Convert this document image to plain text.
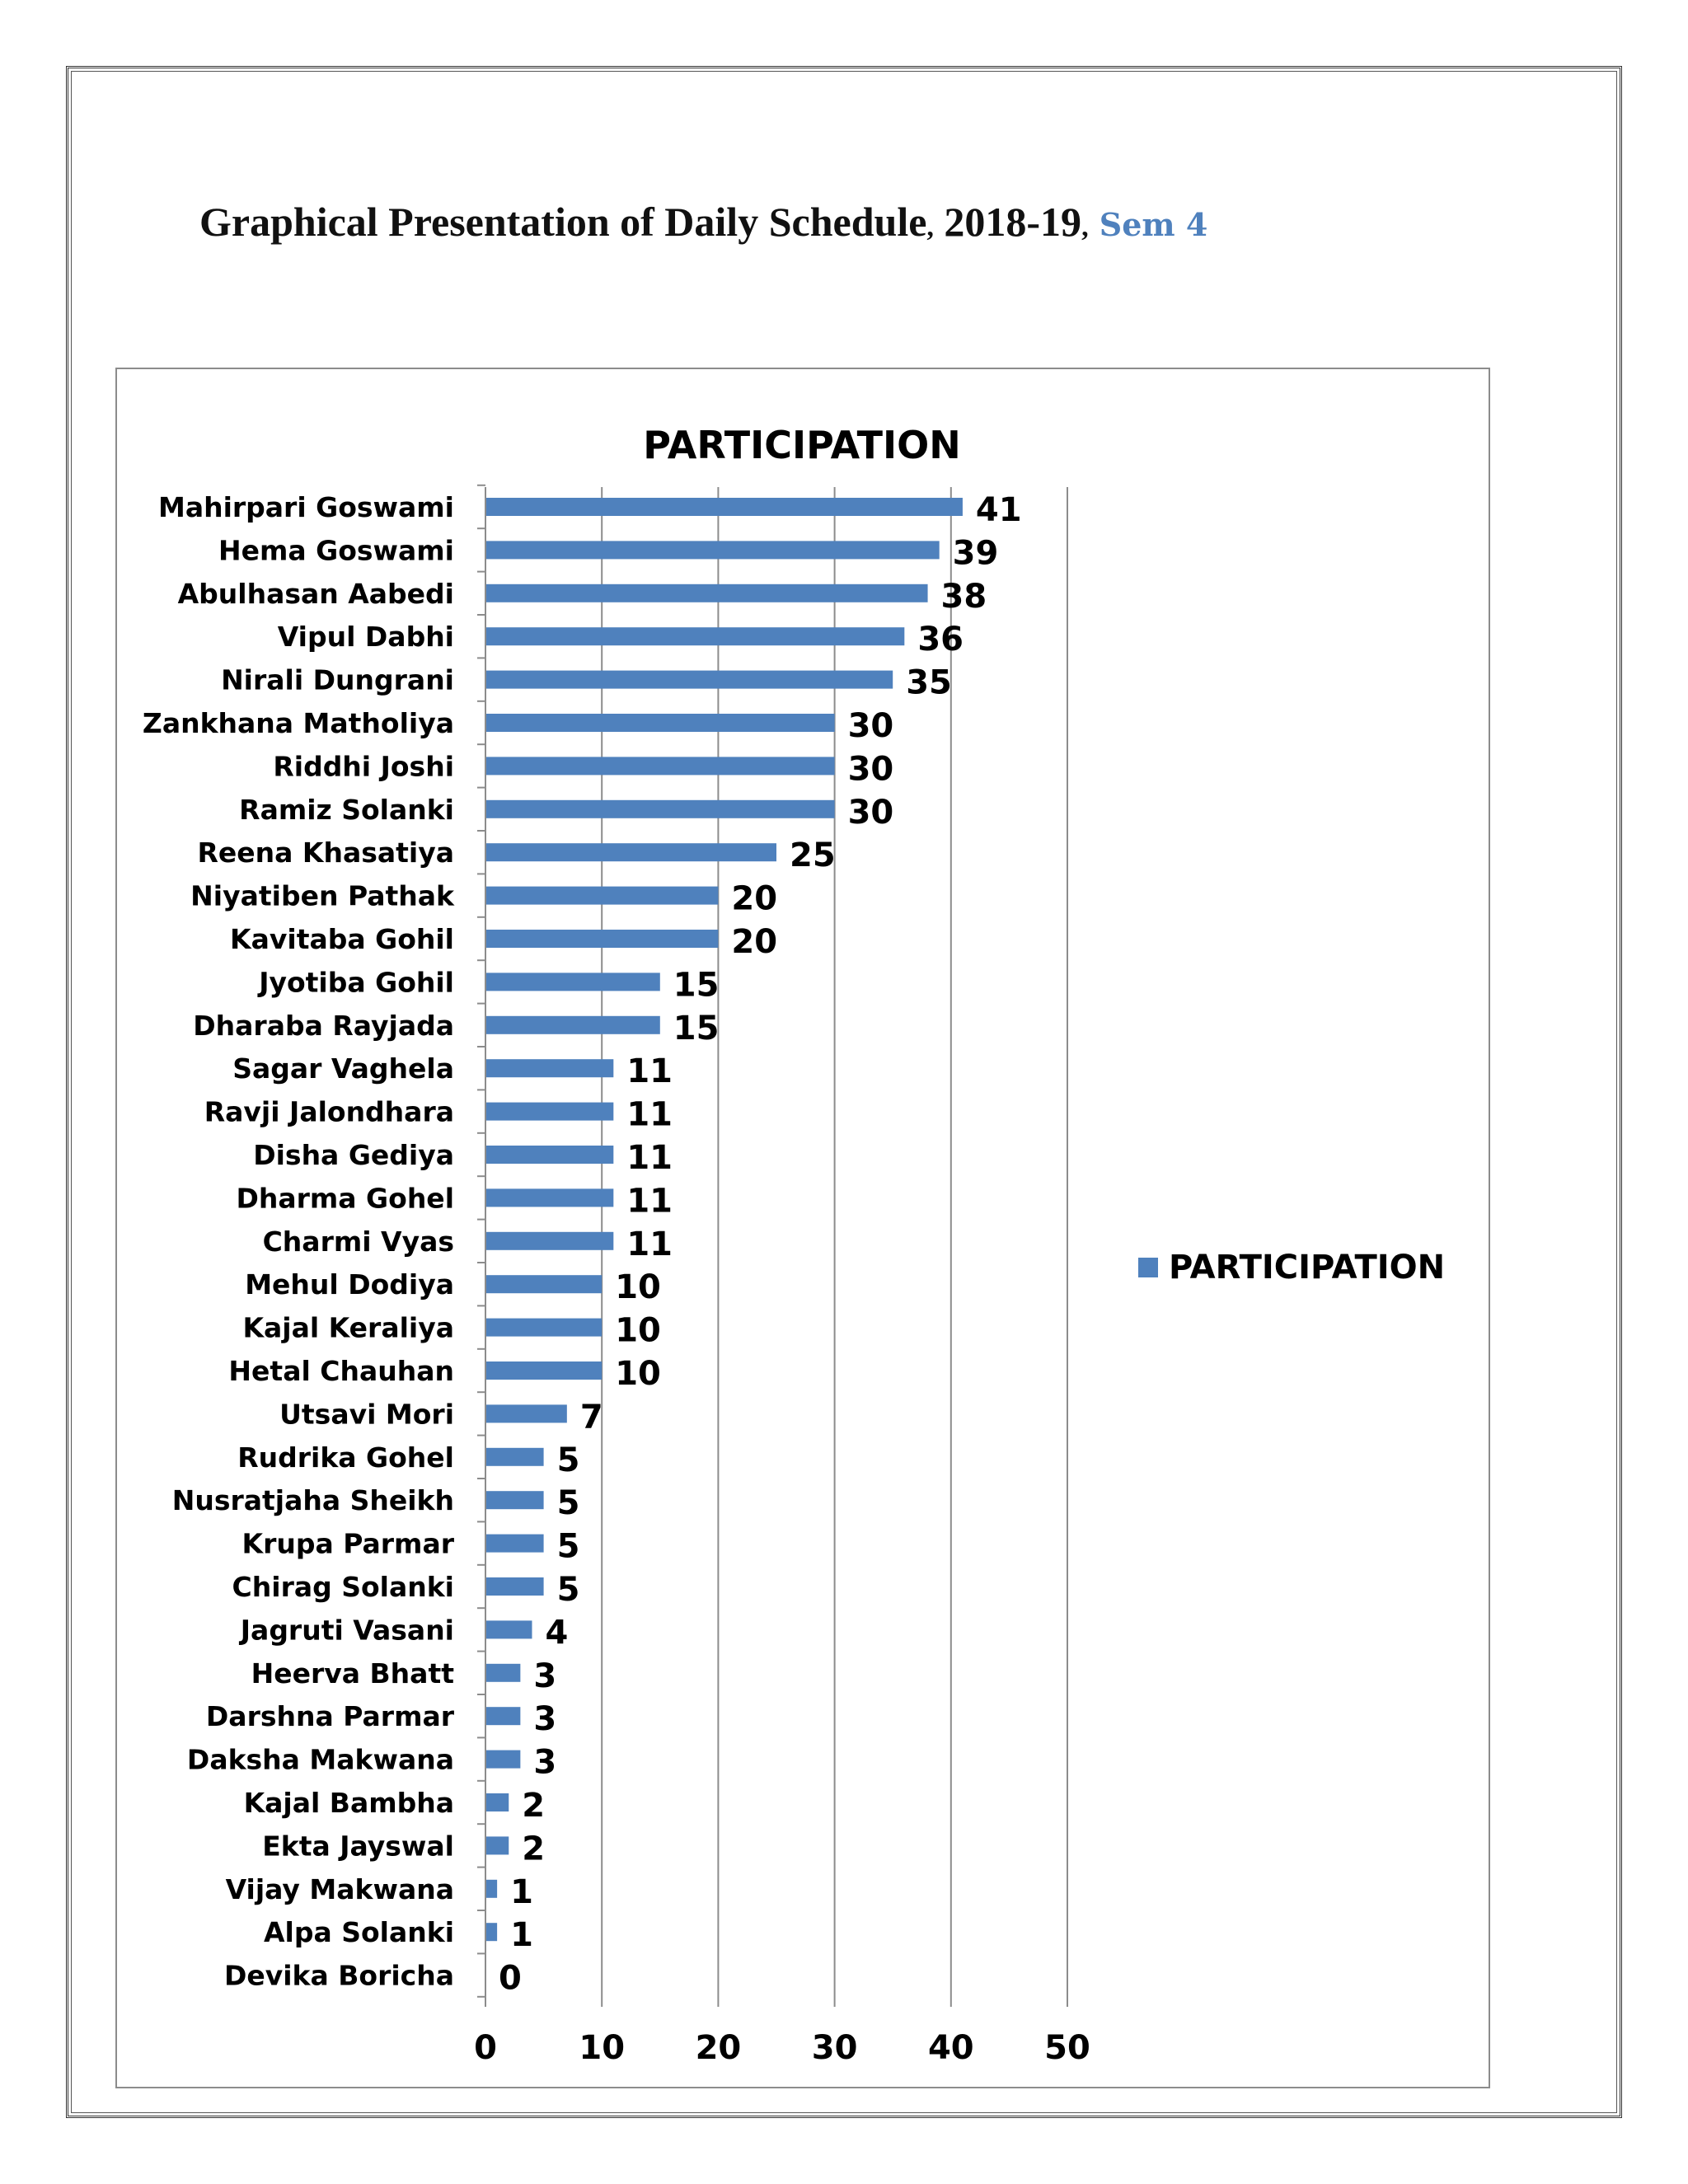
Graphical Presentation of Daily Schedule, 2018-19, Sem 4
Mahirpari Goswami
Hema Goswami
Abulhasan Aabedi
Vipul Dabhi
Nirali Dungrani
Zankhana Matholiya
Riddhi Joshi
Ramiz Solanki
Reena Khasatiya
Niyatiben Pathak
Kavitaba Gohil
Jyotiba Gohil
Dharaba Rayjada
Sagar Vaghela
Ravji Jalondhara
Disha Gediya
Dharma Gohel
Charmi Vyas
Mehul Dodiya
Kajal Keraliya
Hetal Chauhan
Utsavi Mori
Rudrika Gohel
Nusratjaha Sheikh
Krupa Parmar
Chirag Solanki
Jagruti Vasani
Heerva Bhatt
Darshna Parmar
Daksha Makwana
Kajal Bambha
Ekta Jayswal
Vijay Makwana
Alpa Solanki
Devika Boricha
41
39
38
36
35
30
30
30
25
20
20
15
15
11
11
11
11
11
10
10
10
7
5
5
5
5
4
3
3
3
2
2
1
1
0
0 10 20 30 40 50
PARTICIPATION
PARTICIPATION
